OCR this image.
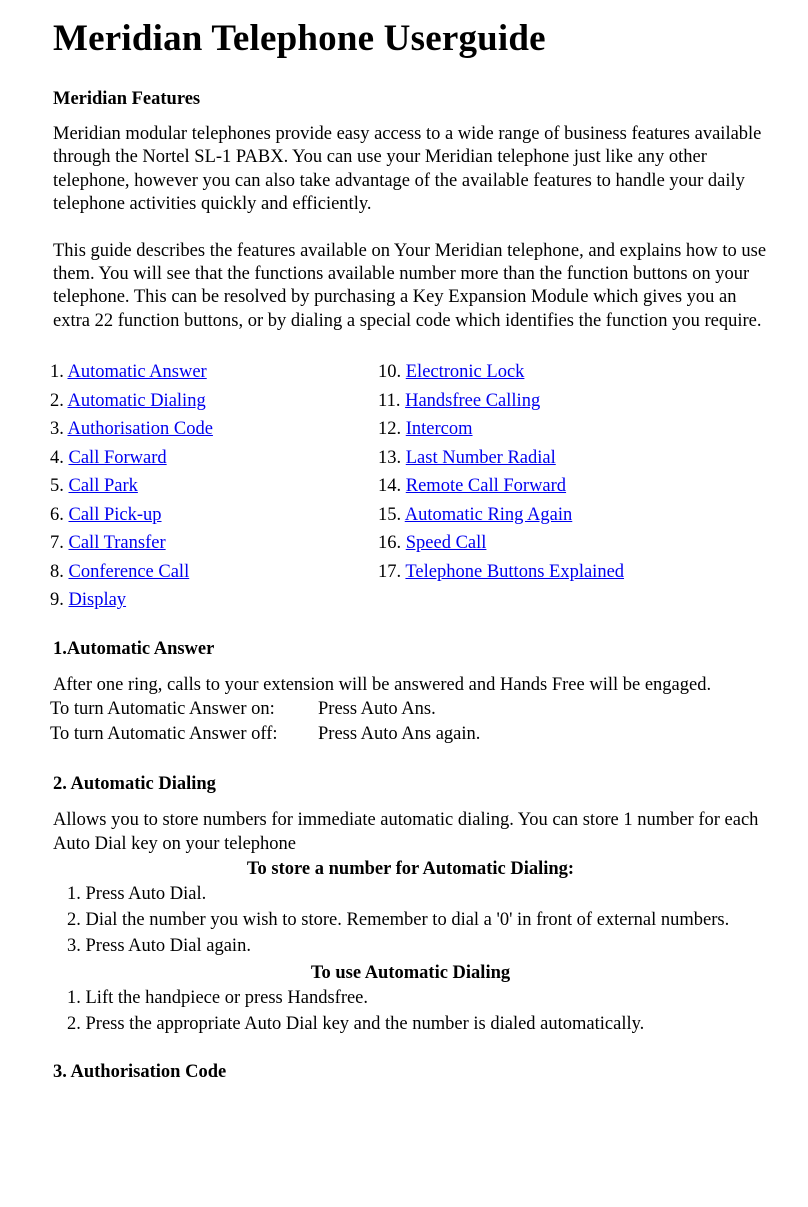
Meridian Telephone Userguide
Meridian Features

Meridian modular telephones provide easy access to a wide range of business features available through the Nortel SL-1 PABX. You can use your Meridian telephone just like any other telephone, however you can also take advantage of the available features to handle your daily telephone activities quickly and efficiently.

This guide describes the features available on Your Meridian telephone, and explains how to use them. You will see that the functions available number more than the function buttons on your telephone. This can be resolved by purchasing a Key Expansion Module which gives you an extra 22 function buttons, or by dialing a special code which identifies the function you require.

1. Automatic Answer
2. Automatic Dialing
3. Authorisation Code
4. Call Forward
5. Call Park
6. Call Pick-up
7. Call Transfer
8. Conference Call
9. Display
10. Electronic Lock
11. Handsfree Calling
12. Intercom
13. Last Number Radial
14. Remote Call Forward
15. Automatic Ring Again
16. Speed Call
17. Telephone Buttons Explained
1.Automatic Answer

After one ring, calls to your extension will be answered and Hands Free will be engaged.

To turn Automatic Answer on:	Press Auto Ans.
To turn Automatic Answer off:	Press Auto Ans again.
2. Automatic Dialing

Allows you to store numbers for immediate automatic dialing. You can store 1 number for each Auto Dial key on your telephone

To store a number for Automatic Dialing:
1. Press Auto Dial.
2. Dial the number you wish to store. Remember to dial a '0' in front of external numbers.
3. Press Auto Dial again.
To use Automatic Dialing
1. Lift the handpiece or press Handsfree.
2. Press the appropriate Auto Dial key and the number is dialed automatically.
3. Authorisation Code
